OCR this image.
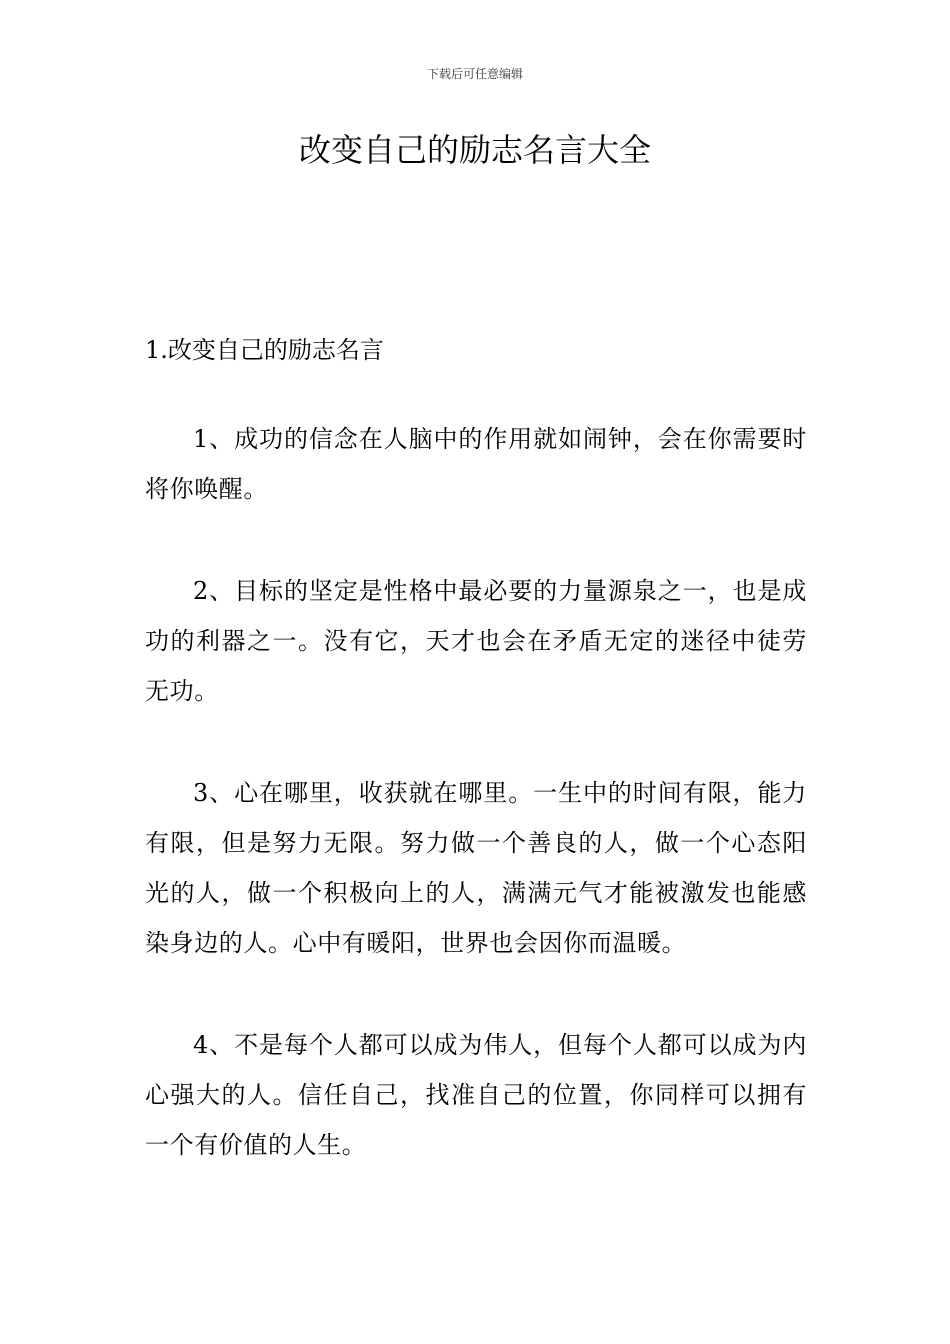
下载后可任意编辑
改变自己的励志名言大全

1.改变自己的励志名言

1、成功的信念在人脑中的作用就如闹钟，会在你需要时将你唤醒。

2、目标的坚定是性格中最必要的力量源泉之一，也是成功的利器之一。没有它，天才也会在矛盾无定的迷径中徒劳无功。

3、心在哪里，收获就在哪里。一生中的时间有限，能力有限，但是努力无限。努力做一个善良的人，做一个心态阳光的人，做一个积极向上的人，满满元气才能被激发也能感染身边的人。心中有暖阳，世界也会因你而温暖。

4、不是每个人都可以成为伟人，但每个人都可以成为内心强大的人。信任自己，找准自己的位置，你同样可以拥有一个有价值的人生。
